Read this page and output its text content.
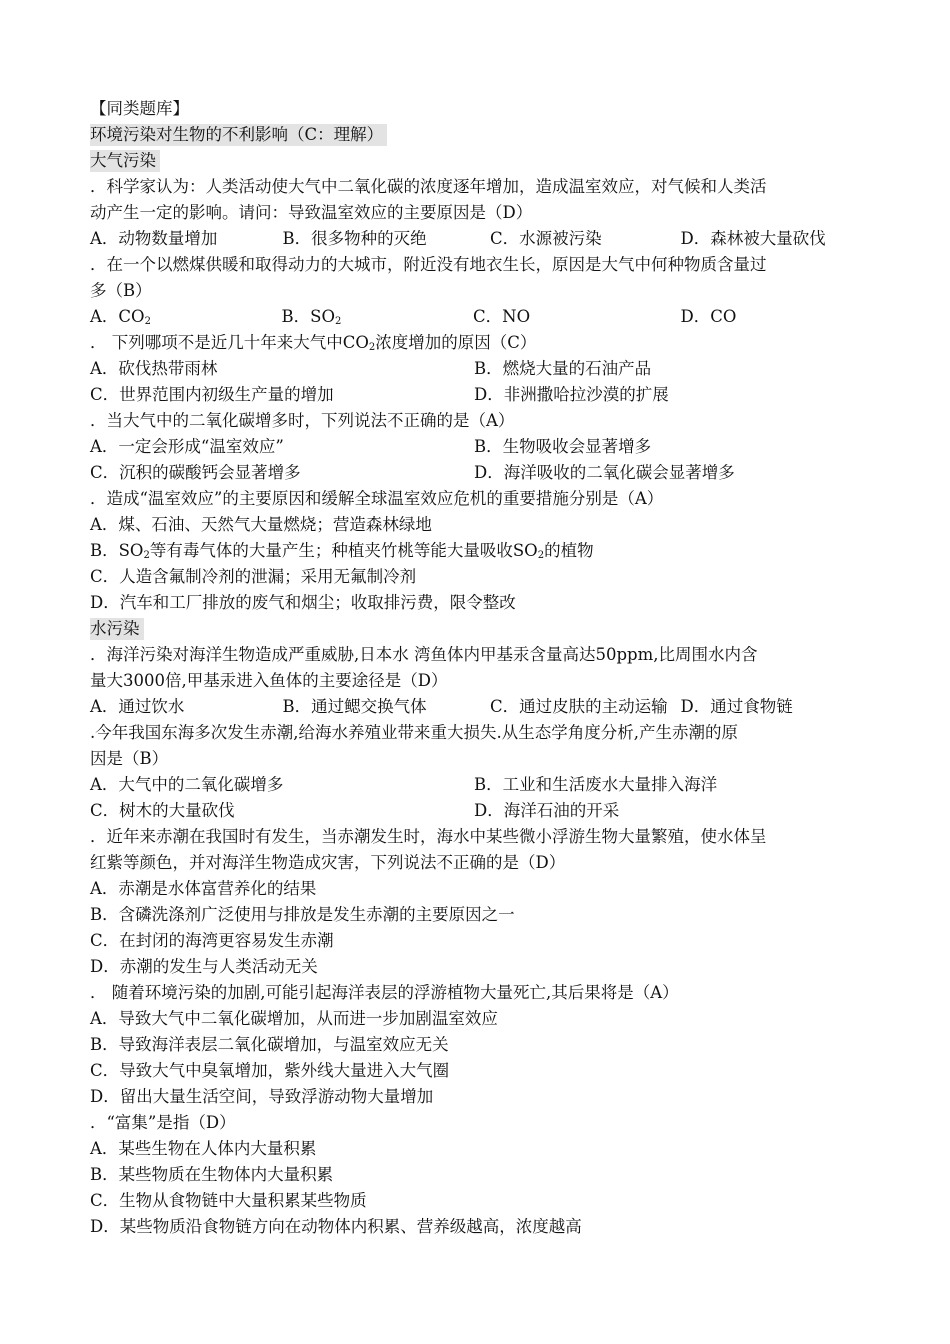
【同类题库】
环境污染对生物的不利影响（C：理解）
大气污染
．科学家认为：人类活动使大气中二氧化碳的浓度逐年增加，造成温室效应，对气候和人类活
动产生一定的影响。请问：导致温室效应的主要原因是（D）
A．动物数量增加	B．很多物种的灭绝	C．水源被污染	D．森林被大量砍伐
．在一个以燃煤供暖和取得动力的大城市，附近没有地衣生长，原因是大气中何种物质含量过
多（B）
A．$CO_2$	B．$SO_2$	C．NO	D．CO
． 下列哪项不是近几十年来大气中$CO_2$浓度增加的原因（C）
A．砍伐热带雨林	B．燃烧大量的石油产品
C．世界范围内初级生产量的增加	D．非洲撒哈拉沙漠的扩展
．当大气中的二氧化碳增多时，下列说法不正确的是（A）
A．一定会形成“温室效应”	B．生物吸收会显著增多
C．沉积的碳酸钙会显著增多	D．海洋吸收的二氧化碳会显著增多
．造成“温室效应”的主要原因和缓解全球温室效应危机的重要措施分别是（A）
A．煤、石油、天然气大量燃烧；营造森林绿地
B．$SO_2$等有毒气体的大量产生；种植夹竹桃等能大量吸收$SO_2$的植物
C．人造含氟制冷剂的泄漏；采用无氟制冷剂
D．汽车和工厂排放的废气和烟尘；收取排污费，限令整改
水污染
．海洋污染对海洋生物造成严重威胁,日本水 湾鱼体内甲基汞含量高达50ppm,比周围水内含
量大3000倍,甲基汞进入鱼体的主要途径是（D）
A．通过饮水	B．通过鳃交换气体	C．通过皮肤的主动运输 D．通过食物链
.今年我国东海多次发生赤潮,给海水养殖业带来重大损失.从生态学角度分析,产生赤潮的原
因是（B）
A．大气中的二氧化碳增多	B．工业和生活废水大量排入海洋
C．树木的大量砍伐	D．海洋石油的开采
．近年来赤潮在我国时有发生，当赤潮发生时，海水中某些微小浮游生物大量繁殖，使水体呈
红紫等颜色，并对海洋生物造成灾害，下列说法不正确的是（D）
A．赤潮是水体富营养化的结果
B．含磷洗涤剂广泛使用与排放是发生赤潮的主要原因之一
C．在封闭的海湾更容易发生赤潮
D．赤潮的发生与人类活动无关
． 随着环境污染的加剧,可能引起海洋表层的浮游植物大量死亡,其后果将是（A）
A．导致大气中二氧化碳增加，从而进一步加剧温室效应
B．导致海洋表层二氧化碳增加，与温室效应无关
C．导致大气中臭氧增加，紫外线大量进入大气圈
D．留出大量生活空间，导致浮游动物大量增加
．“富集”是指（D）
A．某些生物在人体内大量积累
B．某些物质在生物体内大量积累
C．生物从食物链中大量积累某些物质
D．某些物质沿食物链方向在动物体内积累、营养级越高，浓度越高
